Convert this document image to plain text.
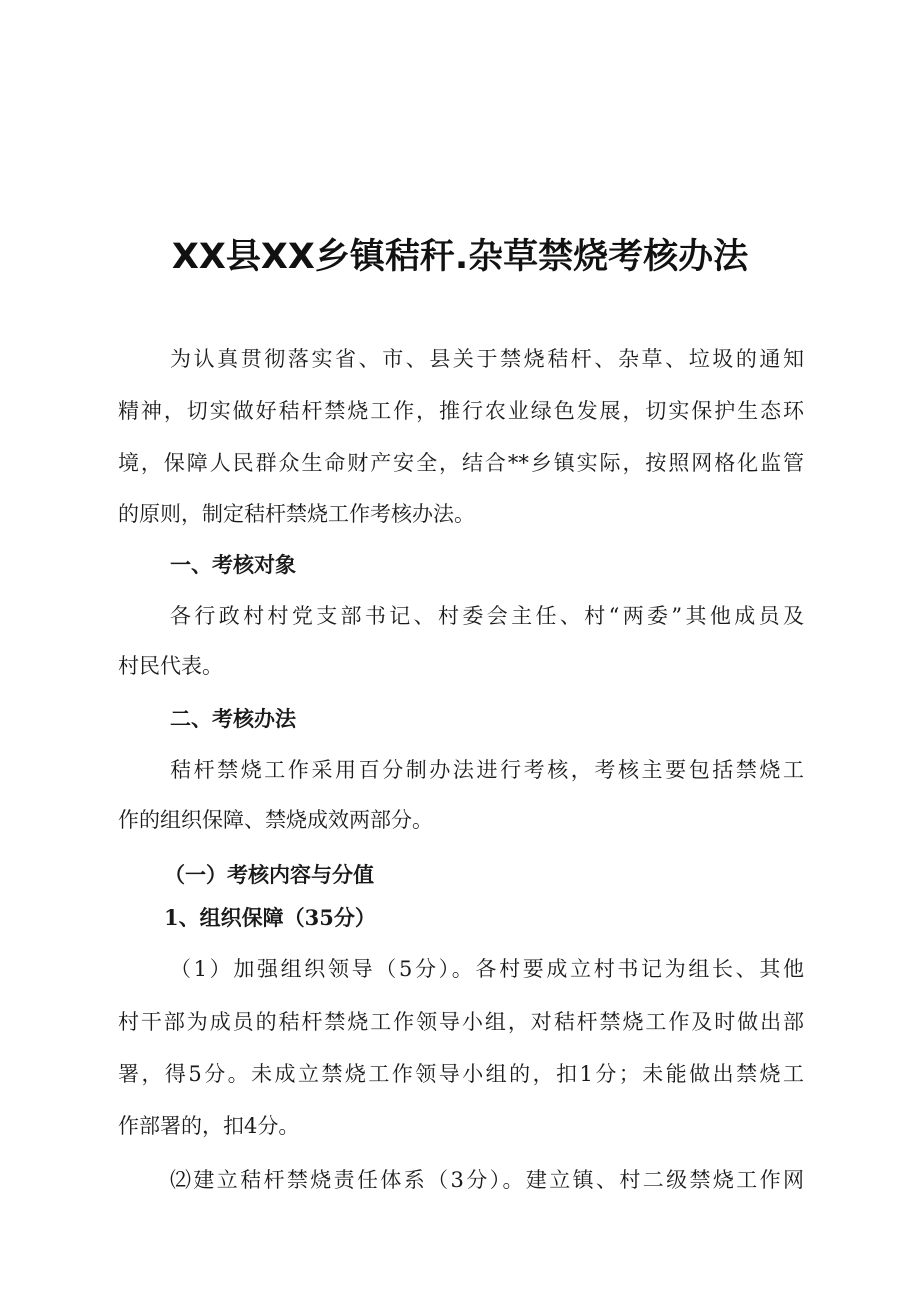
XX县XX乡镇秸秆.杂草禁烧考核办法
为认真贯彻落实省、市、县关于禁烧秸杆、杂草、垃圾的通知
精神，切实做好秸杆禁烧工作，推行农业绿色发展，切实保护生态环
境，保障人民群众生命财产安全，结合**乡镇实际，按照网格化监管
的原则，制定秸杆禁烧工作考核办法。
一、考核对象
各行政村村党支部书记、村委会主任、村“两委”其他成员及
村民代表。
二、考核办法
秸杆禁烧工作采用百分制办法进行考核，考核主要包括禁烧工
作的组织保障、禁烧成效两部分。
（一）考核内容与分值
1、组织保障（35分）
（1）加强组织领导（5分）。各村要成立村书记为组长、其他
村干部为成员的秸杆禁烧工作领导小组，对秸杆禁烧工作及时做出部
署，得5分。未成立禁烧工作领导小组的，扣1分；未能做出禁烧工
作部署的，扣4分。
⑵建立秸杆禁烧责任体系（3分）。建立镇、村二级禁烧工作网
